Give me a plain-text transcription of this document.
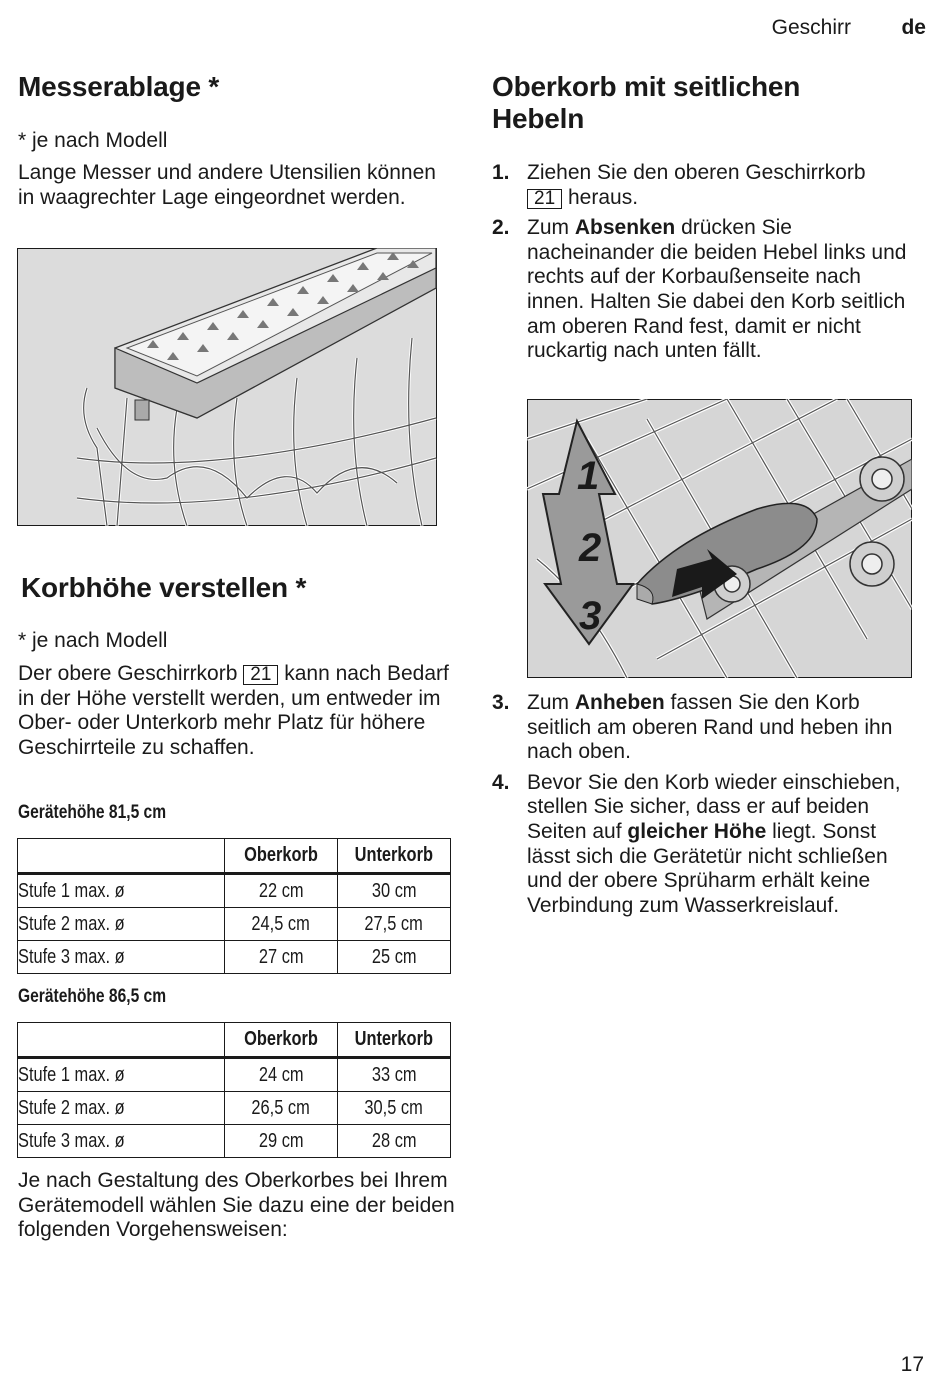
Geschirr de
Messerablage *
* je nach Modell
Lange Messer und andere Utensilien können in waagrechter Lage eingeordnet werden.
Korbhöhe verstellen *
* je nach Modell
Der obere Geschirrkorb 21 kann nach Bedarf in der Höhe verstellt werden, um entweder im Ober- oder Unterkorb mehr Platz für höhere Geschirrteile zu schaffen.
Gerätehöhe 81,5 cm
	Oberkorb	Unterkorb
Stufe 1 max. ø	22 cm	30 cm
Stufe 2 max. ø	24,5 cm	27,5 cm
Stufe 3 max. ø	27 cm	25 cm
Gerätehöhe 86,5 cm
	Oberkorb	Unterkorb
Stufe 1 max. ø	24 cm	33 cm
Stufe 2 max. ø	26,5 cm	30,5 cm
Stufe 3 max. ø	29 cm	28 cm
Je nach Gestaltung des Oberkorbes bei Ihrem Gerätemodell wählen Sie dazu eine der beiden folgenden Vorgehensweisen:
Oberkorb mit seitlichen
Hebeln
1. Ziehen Sie den oberen Geschirrkorb
21 heraus.
2. Zum Absenken drücken Sie nacheinander die beiden Hebel links und rechts auf der Korbaußenseite nach innen. Halten Sie dabei den Korb seitlich am oberen Rand fest, damit er nicht ruckartig nach unten fällt.
1
2
3
3. Zum Anheben fassen Sie den Korb seitlich am oberen Rand und heben ihn nach oben.
4. Bevor Sie den Korb wieder einschieben, stellen Sie sicher, dass er auf beiden Seiten auf gleicher Höhe liegt. Sonst lässt sich die Gerätetür nicht schließen und der obere Sprüharm erhält keine Verbindung zum Wasserkreislauf.
17
